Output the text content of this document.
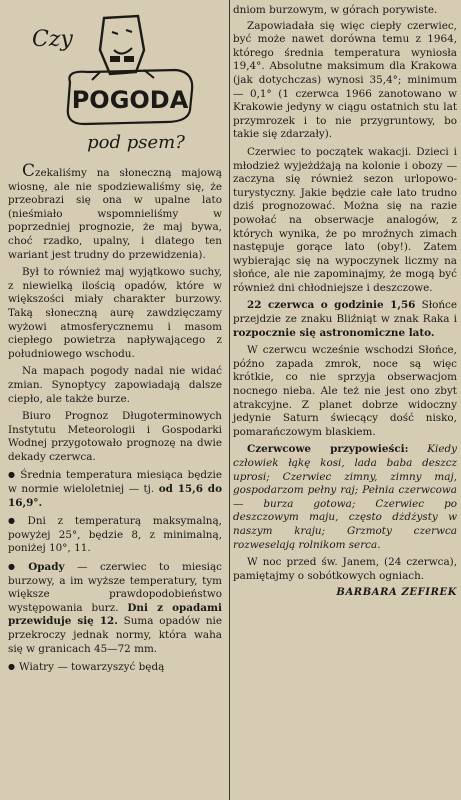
Czy
POGODA
pod psem?

Czekaliśmy na słoneczną majową wiosnę, ale nie spodziewaliśmy się, że przeobrazi się ona w upalne lato (nieśmiało wspomnieliśmy w poprzedniej prognozie, że maj bywa, choć rzadko, upalny, i dlatego ten wariant jest trudny do przewidzenia).

Był to również maj wyjątkowo suchy, z niewielką ilością opadów, które w większości miały charakter burzowy. Taką słoneczną aurę zawdzięczamy wyżowi atmosferycznemu i masom ciepłego powietrza napływającego z południowego wschodu.

Na mapach pogody nadal nie widać zmian. Synoptycy zapowiadają dalsze ciepło, ale także burze.

Biuro Prognoz Długoterminowych Instytutu Meteorologii i Gospodarki Wodnej przygotowało prognozę na dwie dekady czerwca.

● Średnia temperatura miesiąca będzie w normie wieloletniej — tj. od 15,6 do 16,9°.

● Dni z temperaturą maksymalną, powyżej 25°, będzie 8, z minimalną, poniżej 10°, 11.

● Opady — czerwiec to miesiąc burzowy, a im wyższe temperatury, tym większe prawdopodobieństwo występowania burz. Dni z opadami przewiduje się 12. Suma opadów nie przekroczy jednak normy, która waha się w granicach 45—72 mm.

● Wiatry — towarzyszyć będą

dniom burzowym, w górach porywiste.

Zapowiadała się więc ciepły czerwiec, być może nawet dorówna temu z 1964, którego średnia temperatura wyniosła 19,4°. Absolutne maksimum dla Krakowa (jak dotychczas) wynosi 35,4°; minimum — 0,1° (1 czerwca 1966 zanotowano w Krakowie jedyny w ciągu ostatnich stu lat przymrozek i to nie przygruntowy, bo takie się zdarzały).

Czerwiec to początek wakacji. Dzieci i młodzież wyjeżdżają na kolonie i obozy — zaczyna się również sezon urlopowo-turystyczny. Jakie będzie całe lato trudno dziś prognozować. Można się na razie powołać na obserwacje analogów, z których wynika, że po mroźnych zimach następuje gorące lato (oby!). Zatem wybierając się na wypoczynek liczmy na słońce, ale nie zapominajmy, że mogą być również dni chłodniejsze i deszczowe.

22 czerwca o godzinie 1,56 Słońce przejdzie ze znaku Bliźniąt w znak Raka i rozpocznie się astronomiczne lato.

W czerwcu wcześnie wschodzi Słońce, późno zapada zmrok, noce są więc krótkie, co nie sprzyja obserwacjom nocnego nieba. Ale też nie jest ono zbyt atrakcyjne. Z planet dobrze widoczny jedynie Saturn świecący dość nisko, pomarańczowym blaskiem.

Czerwcowe przypowieści: Kiedy człowiek łąkę kosi, lada baba deszcz uprosi; Czerwiec zimny, zimny maj, gospodarzom pełny raj; Pełnia czerwcowa — burza gotowa; Czerwiec po deszczowym maju, często dżdżysty w naszym kraju; Grzmoty czerwca rozweselają rolnikom serca.

W noc przed św. Janem, (24 czerwca), pamiętajmy o sobótkowych ogniach.

BARBARA ZEFIREK
